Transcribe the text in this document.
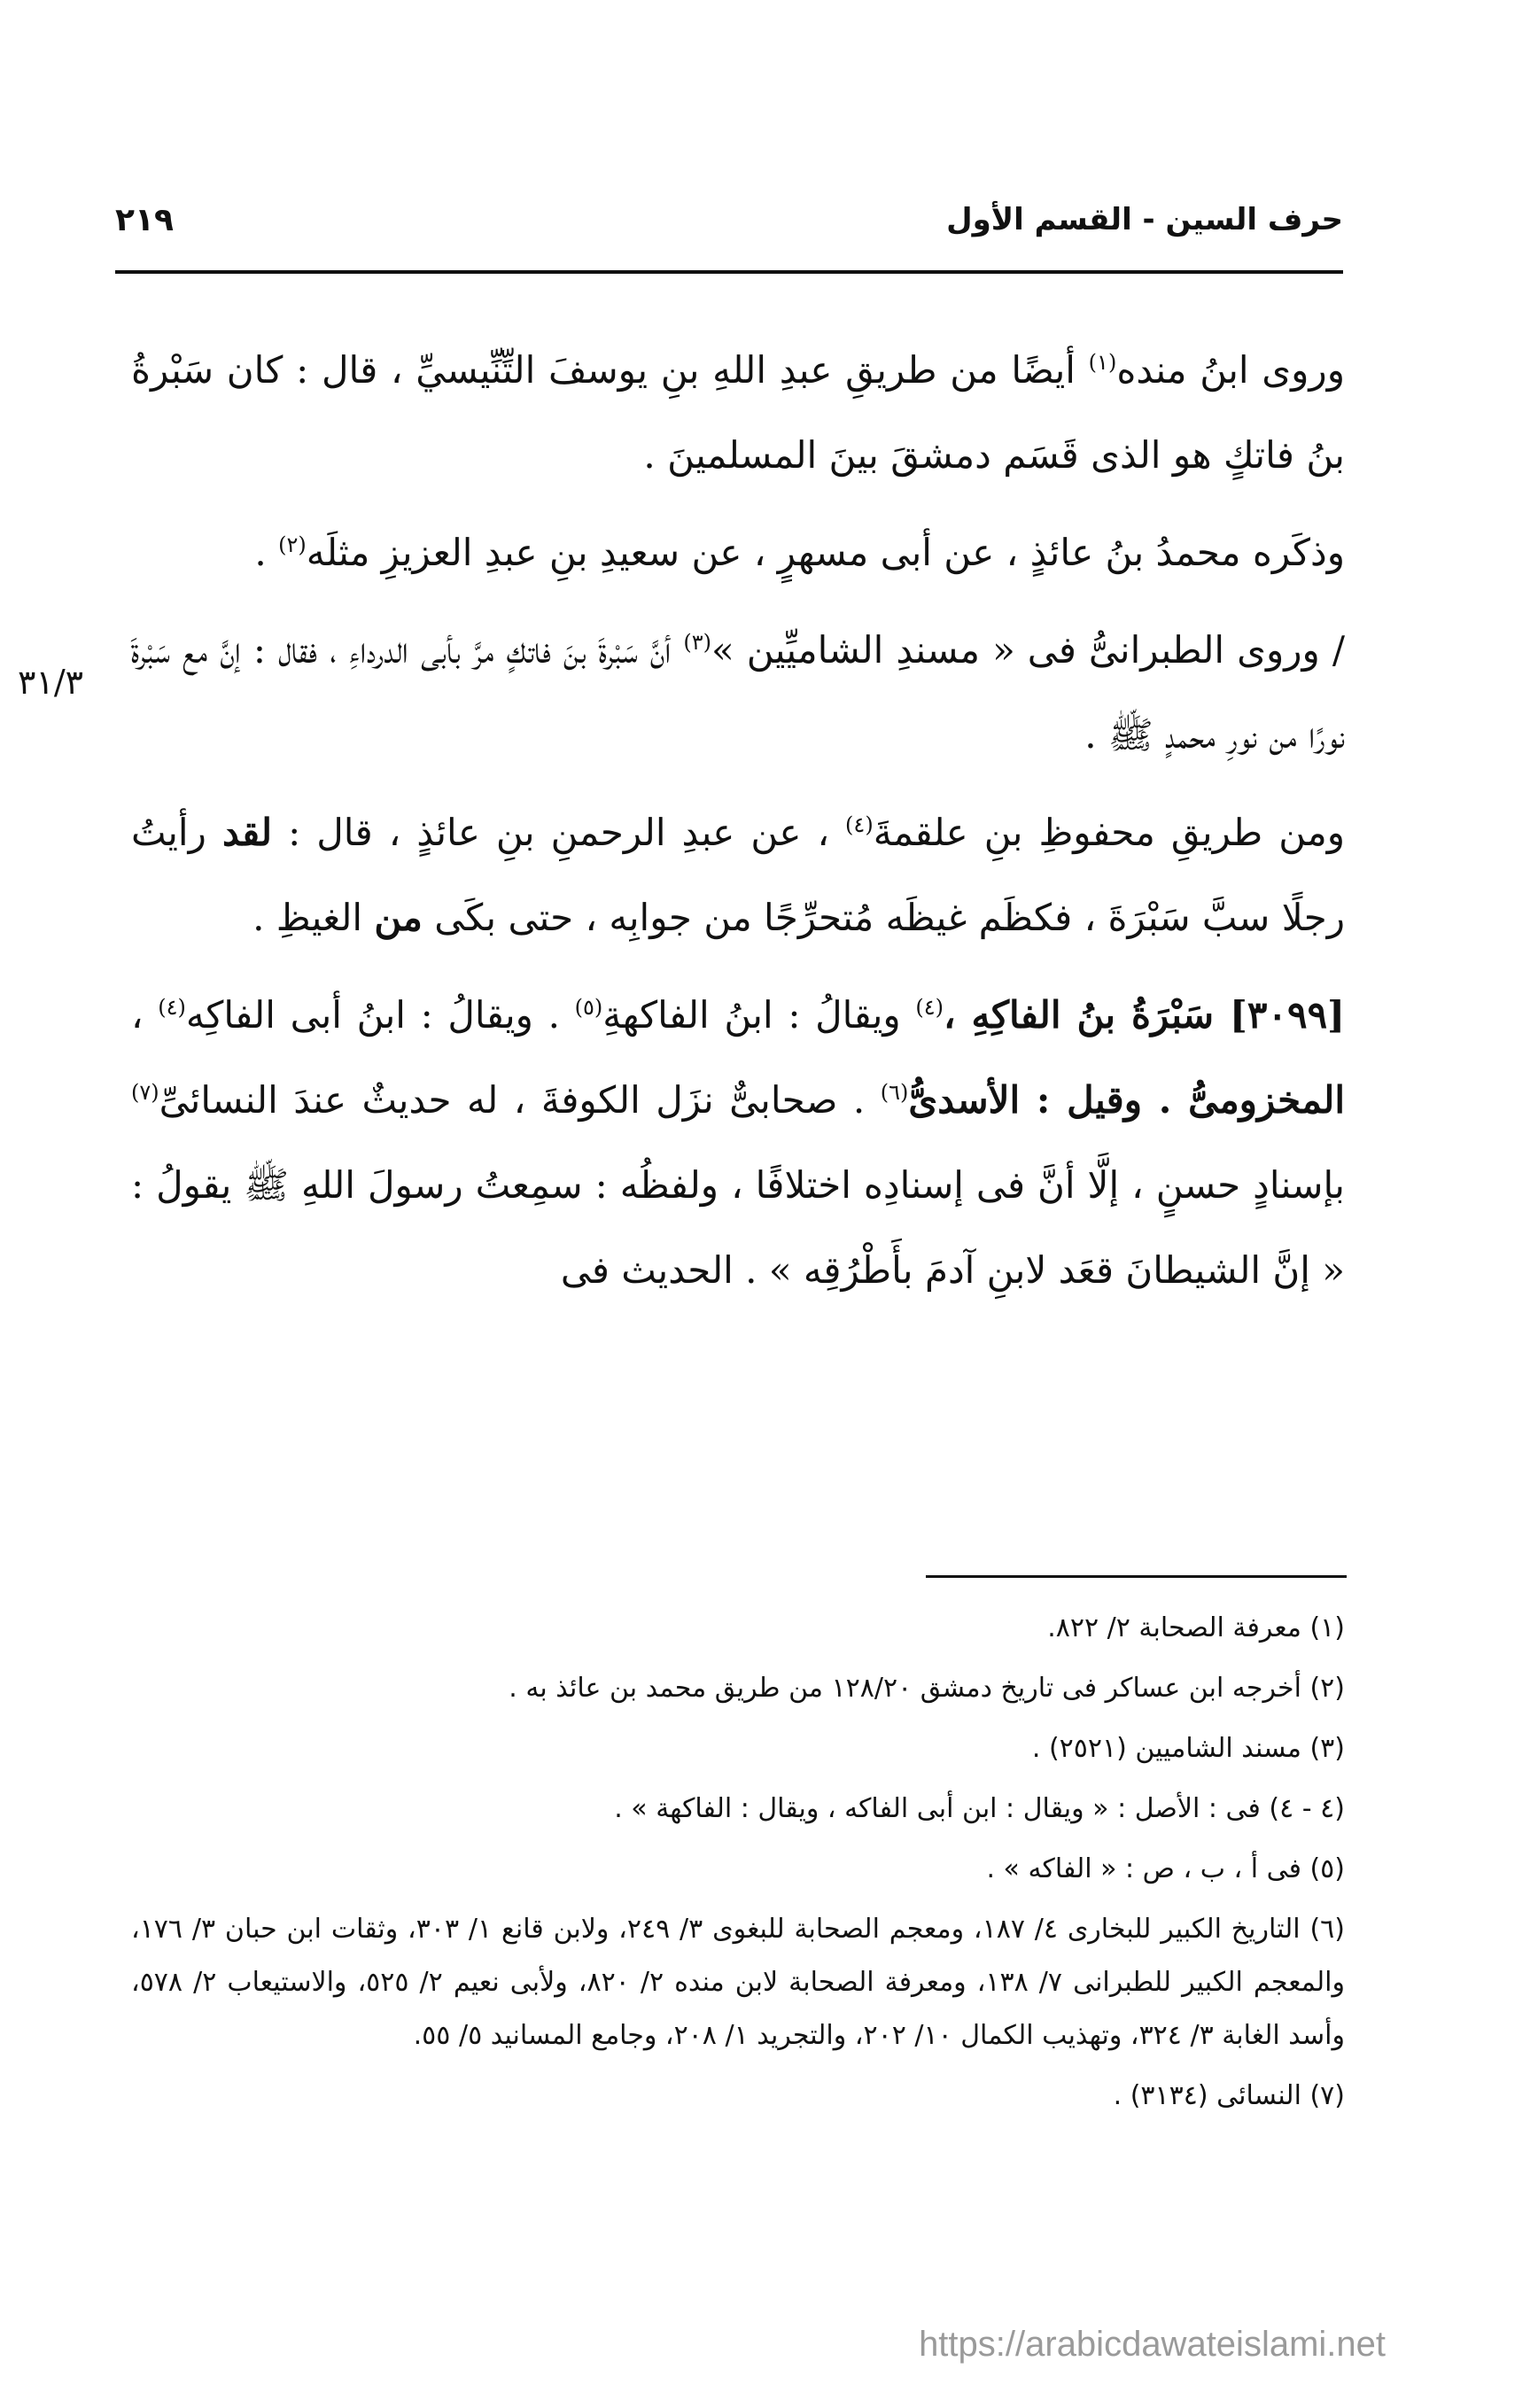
حرف السين - القسم الأول
٢١٩
٣١/٣

وروى ابنُ منده$^{(١)}$ أيضًا من طريقِ عبدِ اللهِ بنِ يوسفَ التِّنِّيسيِّ ، قال : كان سَبْرةُ بنُ فاتكٍ هو الذى قَسَم دمشقَ بينَ المسلمينَ .

وذكَره محمدُ بنُ عائذٍ ، عن أبى مسهرٍ ، عن سعيدِ بنِ عبدِ العزيزِ مثلَه$^{(٢)}$ .

/ وروى الطبرانىُّ فى « مسندِ الشاميِّين »$^{(٣)}$ أنَّ سَبْرةَ بنَ فاتكٍ مرَّ بأبى الدرداءِ ، فقال : إنَّ مع سَبْرةَ نورًا من نورِ محمدٍ ﷺ .

ومن طريقِ محفوظِ بنِ علقمةَ$^{(٤)}$ ، عن عبدِ الرحمنِ بنِ عائذٍ ، قال : لقد رأيتُ رجلًا سبَّ سَبْرَةَ ، فكظَم غيظَه مُتحرِّجًا من جوابِه ، حتى بكَى من الغيظِ .

[٣٠٩٩] سَبْرَةُ بنُ الفاكِهِ ،$^{(٤)}$ ويقالُ : ابنُ الفاكهةِ$^{(٥)}$ . ويقالُ : ابنُ أبى الفاكِه$^{(٤)}$ ، المخزومىُّ . وقيل : الأسدىُّ$^{(٦)}$ . صحابىٌّ نزَل الكوفةَ ، له حديثٌ عندَ النسائىِّ$^{(٧)}$ بإسنادٍ حسنٍ ، إلَّا أنَّ فى إسنادِه اختلافًا ، ولفظُه : سمِعتُ رسولَ اللهِ ﷺ يقولُ : « إنَّ الشيطانَ قعَد لابنِ آدمَ بأَطْرُقِه » . الحديث فى

(١) معرفة الصحابة ٢/ ٨٢٢.
(٢) أخرجه ابن عساكر فى تاريخ دمشق ١٢٨/٢٠ من طريق محمد بن عائذ به .
(٣) مسند الشاميين (٢٥٢١) .
(٤ - ٤) فى : الأصل : « ويقال : ابن أبى الفاكه ، ويقال : الفاكهة » .
(٥) فى أ ، ب ، ص : « الفاكه » .
(٦) التاريخ الكبير للبخارى ٤/ ١٨٧، ومعجم الصحابة للبغوى ٣/ ٢٤٩، ولابن قانع ١/ ٣٠٣، وثقات ابن حبان ٣/ ١٧٦، والمعجم الكبير للطبرانى ٧/ ١٣٨، ومعرفة الصحابة لابن منده ٢/ ٨٢٠، ولأبى نعيم ٢/ ٥٢٥، والاستيعاب ٢/ ٥٧٨، وأسد الغابة ٣/ ٣٢٤، وتهذيب الكمال ١٠/ ٢٠٢، والتجريد ١/ ٢٠٨، وجامع المسانيد ٥/ ٥٥.
(٧) النسائى (٣١٣٤) .
https://arabicdawateislami.net
